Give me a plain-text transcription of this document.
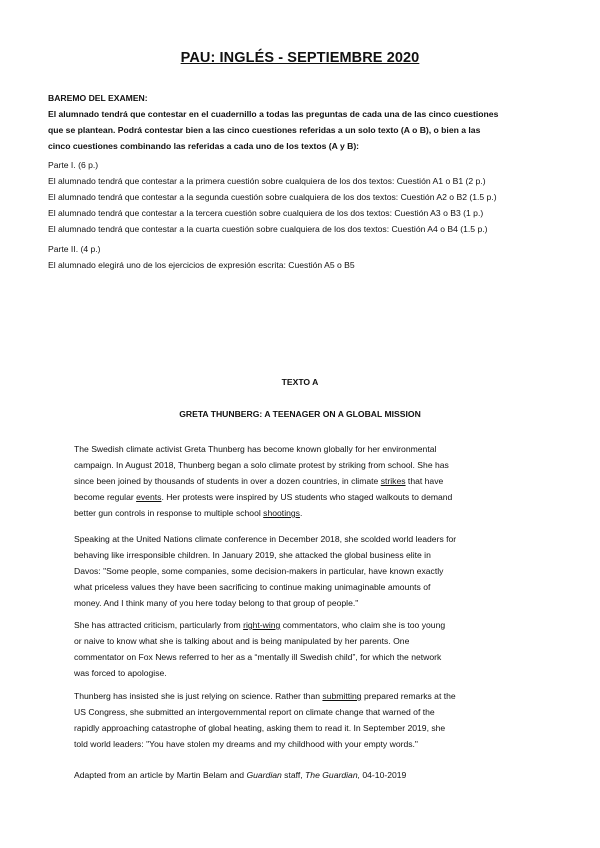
PAU: INGLÉS - SEPTIEMBRE 2020

BAREMO DEL EXAMEN:

El alumnado tendrá que contestar en el cuadernillo a todas las preguntas de cada una de las cinco cuestiones

que se plantean. Podrá contestar bien a las cinco cuestiones referidas a un solo texto (A o B), o bien a las

cinco cuestiones combinando las referidas a cada uno de los textos (A y B):

Parte I. (6 p.)

El alumnado tendrá que contestar a la primera cuestión sobre cualquiera de los dos textos: Cuestión A1 o B1 (2 p.)

El alumnado tendrá que contestar a la segunda cuestión sobre cualquiera de los dos textos: Cuestión A2 o B2 (1.5 p.)

El alumnado tendrá que contestar a la tercera cuestión sobre cualquiera de los dos textos: Cuestión A3 o B3 (1 p.)

El alumnado tendrá que contestar a la cuarta cuestión sobre cualquiera de los dos textos: Cuestión A4 o B4 (1.5 p.)

Parte II. (4 p.)

El alumnado elegirá uno de los ejercicios de expresión escrita: Cuestión A5 o B5

TEXTO A
GRETA THUNBERG: A TEENAGER ON A GLOBAL MISSION

The Swedish climate activist Greta Thunberg has become known globally for her environmental

campaign. In August 2018, Thunberg began a solo climate protest by striking from school. She has

since been joined by thousands of students in over a dozen countries, in climate strikes that have

become regular events. Her protests were inspired by US students who staged walkouts to demand

better gun controls in response to multiple school shootings.

Speaking at the United Nations climate conference in December 2018, she scolded world leaders for

behaving like irresponsible children. In January 2019, she attacked the global business elite in

Davos: "Some people, some companies, some decision-makers in particular, have known exactly

what priceless values they have been sacrificing to continue making unimaginable amounts of

money. And I think many of you here today belong to that group of people."

She has attracted criticism, particularly from right-wing commentators, who claim she is too young

or naive to know what she is talking about and is being manipulated by her parents. One

commentator on Fox News referred to her as a “mentally ill Swedish child”, for which the network

was forced to apologise.

Thunberg has insisted she is just relying on science. Rather than submitting prepared remarks at the

US Congress, she submitted an intergovernmental report on climate change that warned of the

rapidly approaching catastrophe of global heating, asking them to read it. In September 2019, she

told world leaders: "You have stolen my dreams and my childhood with your empty words."

Adapted from an article by Martin Belam and Guardian staff, The Guardian, 04-10-2019
